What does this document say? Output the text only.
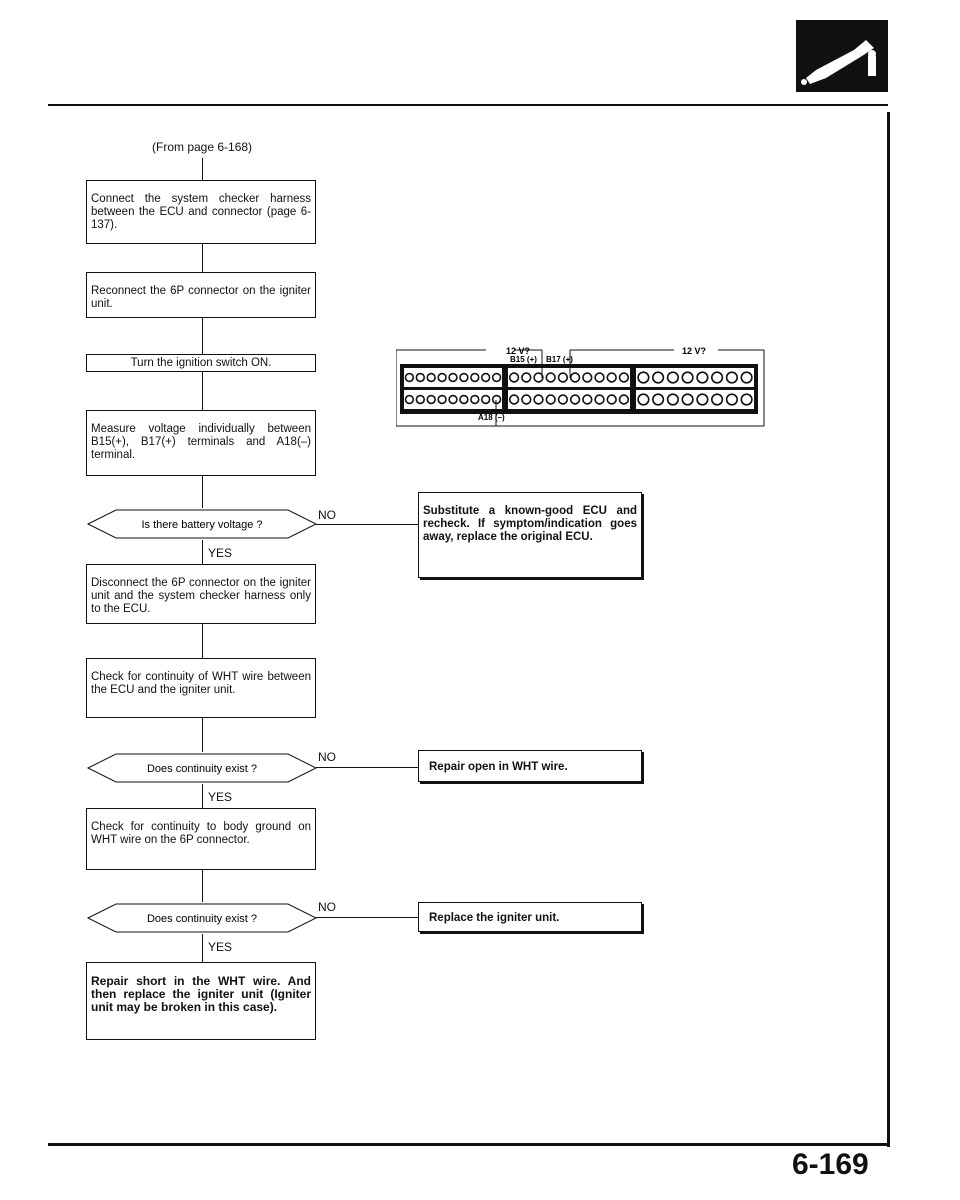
(From page 6-168)
Connect the system checker harness between the ECU and connector (page 6-137).
Reconnect the 6P connector on the igniter unit.
Turn the ignition switch ON.
Measure voltage individually between B15(+), B17(+) terminals and A18(–) terminal.
Is there battery voltage ?
NO	Substitute a known-good ECU and recheck. If symptom/indication goes away, replace the original ECU.
YES
Disconnect the 6P connector on the igniter unit and the system checker harness only to the ECU.
Check for continuity of WHT wire between the ECU and the igniter unit.
Does continuity exist ?
NO
Repair open in WHT wire.
YES
Check for continuity to body ground on WHT wire on the 6P connector.
Does continuity exist ?
NO
Replace the igniter unit.
YES
Repair short in the WHT wire. And then replace the igniter unit (Igniter unit may be broken in this case).
12 V?	12 V?
B15 (+) B17 (+)
A18 (–)
6-169
